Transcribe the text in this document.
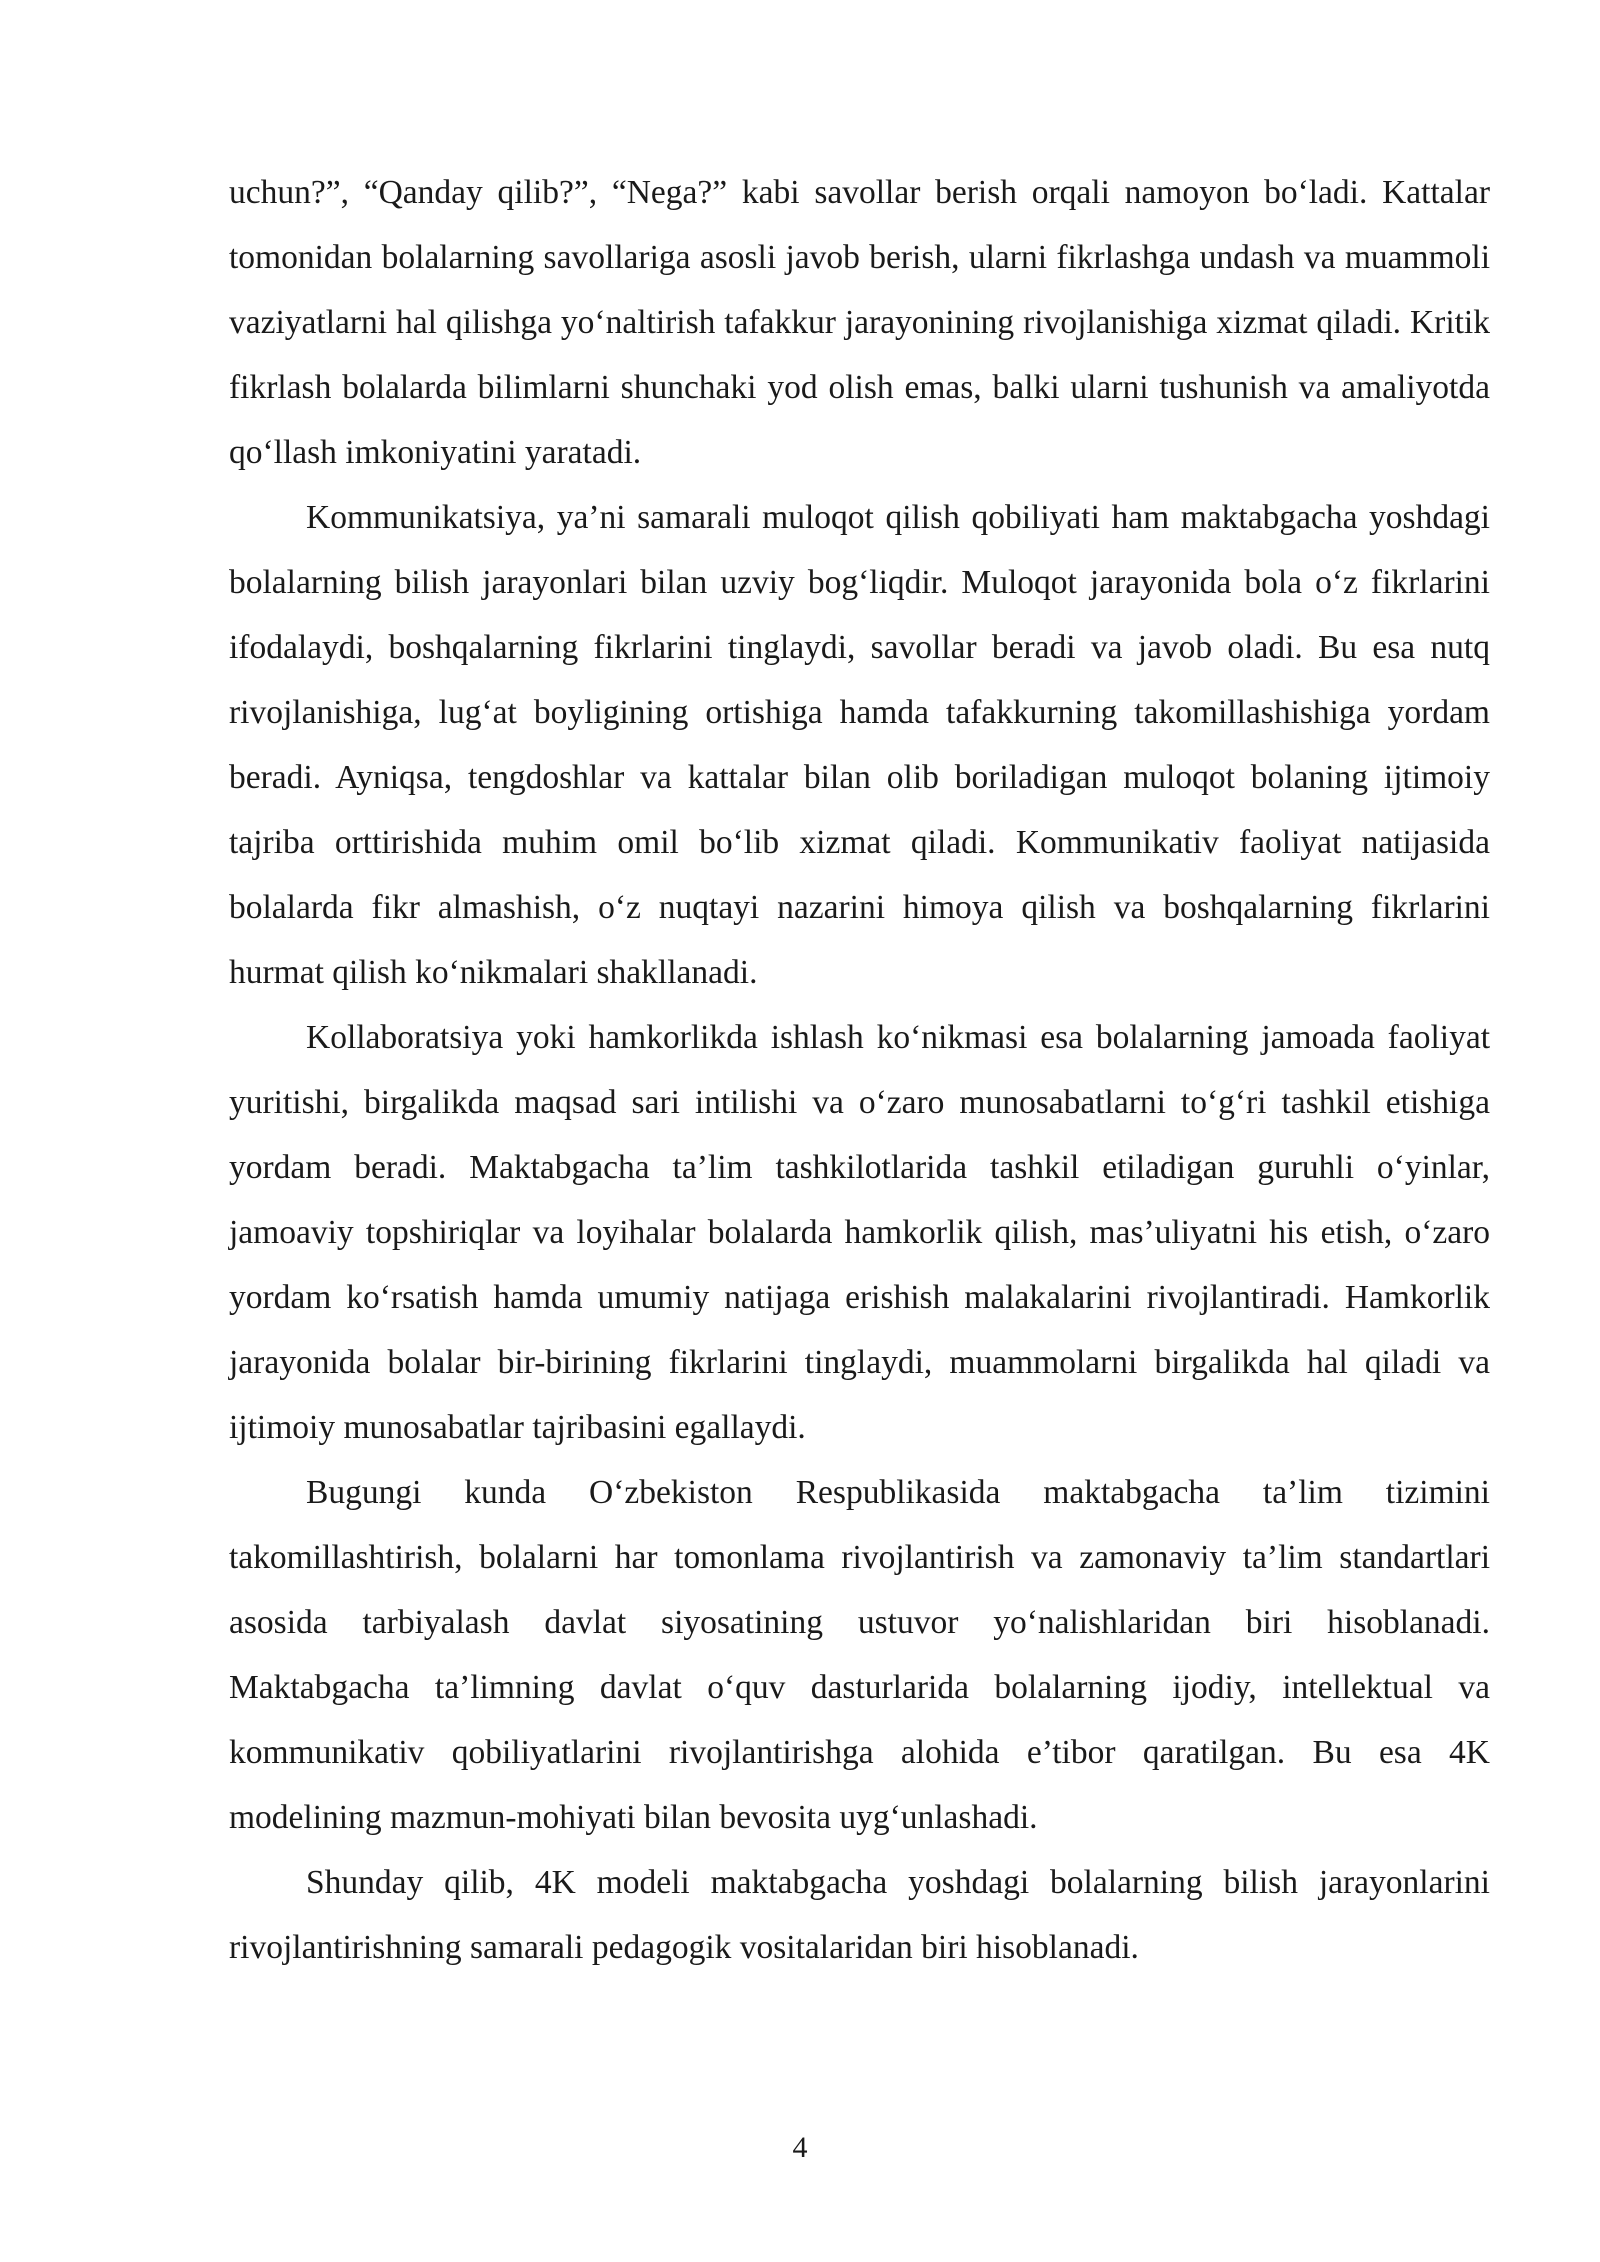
uchun?”, “Qanday qilib?”, “Nega?” kabi savollar berish orqali namoyon bo‘ladi. Kattalar tomonidan bolalarning savollariga asosli javob berish, ularni fikrlashga undash va muammoli vaziyatlarni hal qilishga yo‘naltirish tafakkur jarayonining rivojlanishiga xizmat qiladi. Kritik fikrlash bolalarda bilimlarni shunchaki yod olish emas, balki ularni tushunish va amaliyotda qo‘llash imkoniyatini yaratadi.

Kommunikatsiya, ya’ni samarali muloqot qilish qobiliyati ham maktabgacha yoshdagi bolalarning bilish jarayonlari bilan uzviy bog‘liqdir. Muloqot jarayonida bola o‘z fikrlarini ifodalaydi, boshqalarning fikrlarini tinglaydi, savollar beradi va javob oladi. Bu esa nutq rivojlanishiga, lug‘at boyligining ortishiga hamda tafakkurning takomillashishiga yordam beradi. Ayniqsa, tengdoshlar va kattalar bilan olib boriladigan muloqot bolaning ijtimoiy tajriba orttirishida muhim omil bo‘lib xizmat qiladi. Kommunikativ faoliyat natijasida bolalarda fikr almashish, o‘z nuqtayi nazarini himoya qilish va boshqalarning fikrlarini hurmat qilish ko‘nikmalari shakllanadi.

Kollaboratsiya yoki hamkorlikda ishlash ko‘nikmasi esa bolalarning jamoada faoliyat yuritishi, birgalikda maqsad sari intilishi va o‘zaro munosabatlarni to‘g‘ri tashkil etishiga yordam beradi. Maktabgacha ta’lim tashkilotlarida tashkil etiladigan guruhli o‘yinlar, jamoaviy topshiriqlar va loyihalar bolalarda hamkorlik qilish, mas’uliyatni his etish, o‘zaro yordam ko‘rsatish hamda umumiy natijaga erishish malakalarini rivojlantiradi. Hamkorlik jarayonida bolalar bir-birining fikrlarini tinglaydi, muammolarni birgalikda hal qiladi va ijtimoiy munosabatlar tajribasini egallaydi.

Bugungi kunda O‘zbekiston Respublikasida maktabgacha ta’lim tizimini takomillashtirish, bolalarni har tomonlama rivojlantirish va zamonaviy ta’lim standartlari asosida tarbiyalash davlat siyosatining ustuvor yo‘nalishlaridan biri hisoblanadi. Maktabgacha ta’limning davlat o‘quv dasturlarida bolalarning ijodiy, intellektual va kommunikativ qobiliyatlarini rivojlantirishga alohida e’tibor qaratilgan. Bu esa 4K modelining mazmun-mohiyati bilan bevosita uyg‘unlashadi.

Shunday qilib, 4K modeli maktabgacha yoshdagi bolalarning bilish jarayonlarini rivojlantirishning samarali pedagogik vositalaridan biri hisoblanadi.

4
